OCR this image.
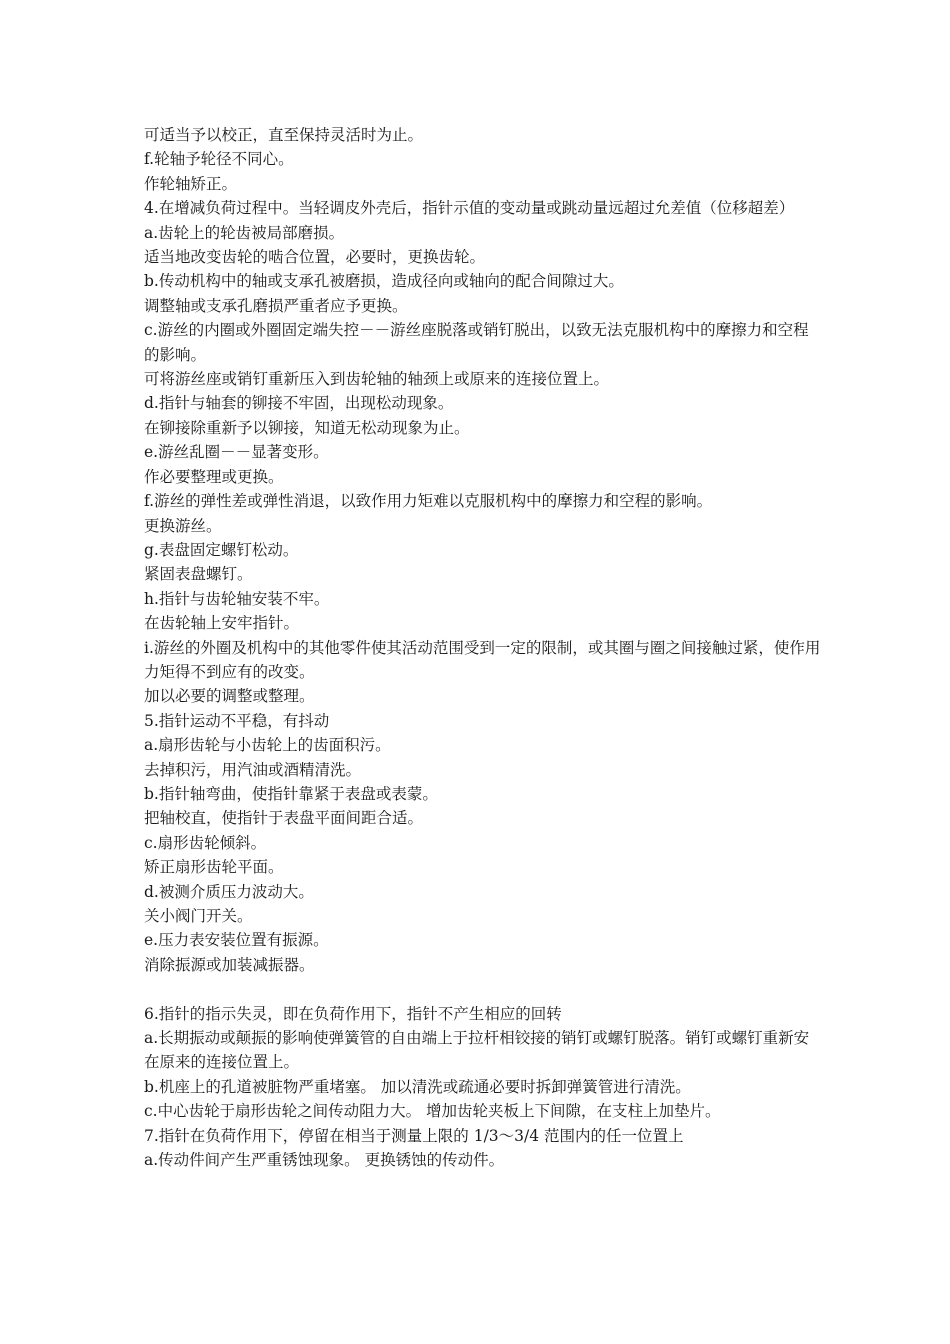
可适当予以校正，直至保持灵活时为止。

f.轮轴予轮径不同心。

作轮轴矫正。

4.在增减负荷过程中。当轻调皮外壳后，指针示值的变动量或跳动量远超过允差值（位移超差）

a.齿轮上的轮齿被局部磨损。

适当地改变齿轮的啮合位置，必要时，更换齿轮。

b.传动机构中的轴或支承孔被磨损，造成径向或轴向的配合间隙过大。

调整轴或支承孔磨损严重者应予更换。

c.游丝的内圈或外圈固定端失控－－游丝座脱落或销钉脱出，以致无法克服机构中的摩擦力和空程的影响。

可将游丝座或销钉重新压入到齿轮轴的轴颈上或原来的连接位置上。

d.指针与轴套的铆接不牢固，出现松动现象。

在铆接除重新予以铆接，知道无松动现象为止。

e.游丝乱圈－－显著变形。

作必要整理或更换。

f.游丝的弹性差或弹性消退，以致作用力矩难以克服机构中的摩擦力和空程的影响。

更换游丝。

g.表盘固定螺钉松动。

紧固表盘螺钉。

h.指针与齿轮轴安装不牢。

在齿轮轴上安牢指针。

i.游丝的外圈及机构中的其他零件使其活动范围受到一定的限制，或其圈与圈之间接触过紧，使作用力矩得不到应有的改变。

加以必要的调整或整理。

5.指针运动不平稳，有抖动

a.扇形齿轮与小齿轮上的齿面积污。

去掉积污，用汽油或酒精清洗。

b.指针轴弯曲，使指针靠紧于表盘或表蒙。

把轴校直，使指针于表盘平面间距合适。

c.扇形齿轮倾斜。

矫正扇形齿轮平面。

d.被测介质压力波动大。

关小阀门开关。

e.压力表安装位置有振源。

消除振源或加装减振器。

6.指针的指示失灵，即在负荷作用下，指针不产生相应的回转

a.长期振动或颠振的影响使弹簧管的自由端上于拉杆相铰接的销钉或螺钉脱落。销钉或螺钉重新安在原来的连接位置上。

b.机座上的孔道被脏物严重堵塞。 加以清洗或疏通必要时拆卸弹簧管进行清洗。

c.中心齿轮于扇形齿轮之间传动阻力大。 增加齿轮夹板上下间隙，在支柱上加垫片。

7.指针在负荷作用下，停留在相当于测量上限的 1/3～3/4 范围内的任一位置上

a.传动件间产生严重锈蚀现象。 更换锈蚀的传动件。
